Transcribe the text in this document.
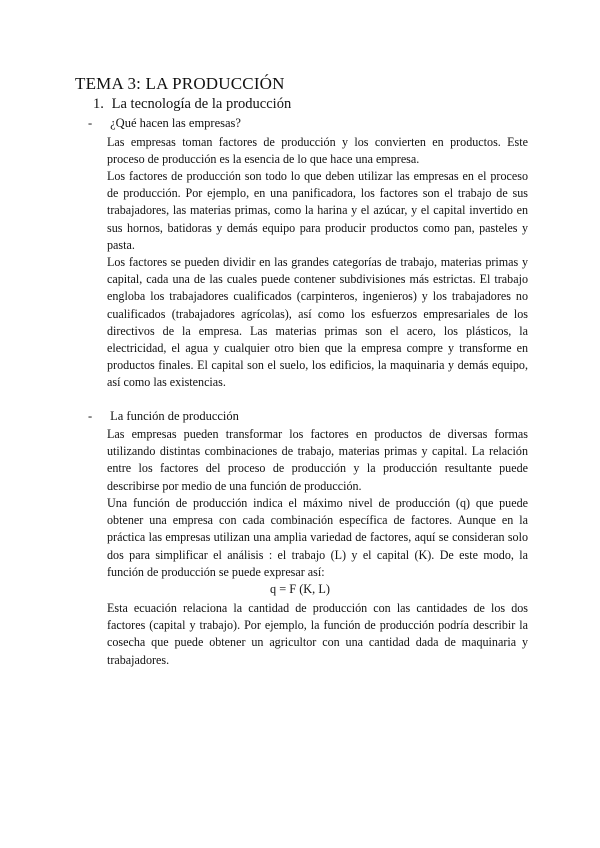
TEMA 3: LA PRODUCCIÓN
1. La tecnología de la producción
- ¿Qué hacen las empresas?

Las empresas toman factores de producción y los convierten en productos. Este proceso de producción es la esencia de lo que hace una empresa.

Los factores de producción son todo lo que deben utilizar las empresas en el proceso de producción. Por ejemplo, en una panificadora, los factores son el trabajo de sus trabajadores, las materias primas, como la harina y el azúcar, y el capital invertido en sus hornos, batidoras y demás equipo para producir productos como pan, pasteles y pasta.

Los factores se pueden dividir en las grandes categorías de trabajo, materias primas y capital, cada una de las cuales puede contener subdivisiones más estrictas. El trabajo engloba los trabajadores cualificados (carpinteros, ingenieros) y los trabajadores no cualificados (trabajadores agrícolas), así como los esfuerzos empresariales de los directivos de la empresa. Las materias primas son el acero, los plásticos, la electricidad, el agua y cualquier otro bien que la empresa compre y transforme en productos finales. El capital son el suelo, los edificios, la maquinaria y demás equipo, así como las existencias.

- La función de producción

Las empresas pueden transformar los factores en productos de diversas formas utilizando distintas combinaciones de trabajo, materias primas y capital. La relación entre los factores del proceso de producción y la producción resultante puede describirse por medio de una función de producción.

Una función de producción indica el máximo nivel de producción (q) que puede obtener una empresa con cada combinación específica de factores. Aunque en la práctica las empresas utilizan una amplia variedad de factores, aquí se consideran solo dos para simplificar el análisis : el trabajo (L) y el capital (K). De este modo, la función de producción se puede expresar así:

q = F (K, L)

Esta ecuación relaciona la cantidad de producción con las cantidades de los dos factores (capital y trabajo). Por ejemplo, la función de producción podría describir la cosecha que puede obtener un agricultor con una cantidad dada de maquinaria y trabajadores.
